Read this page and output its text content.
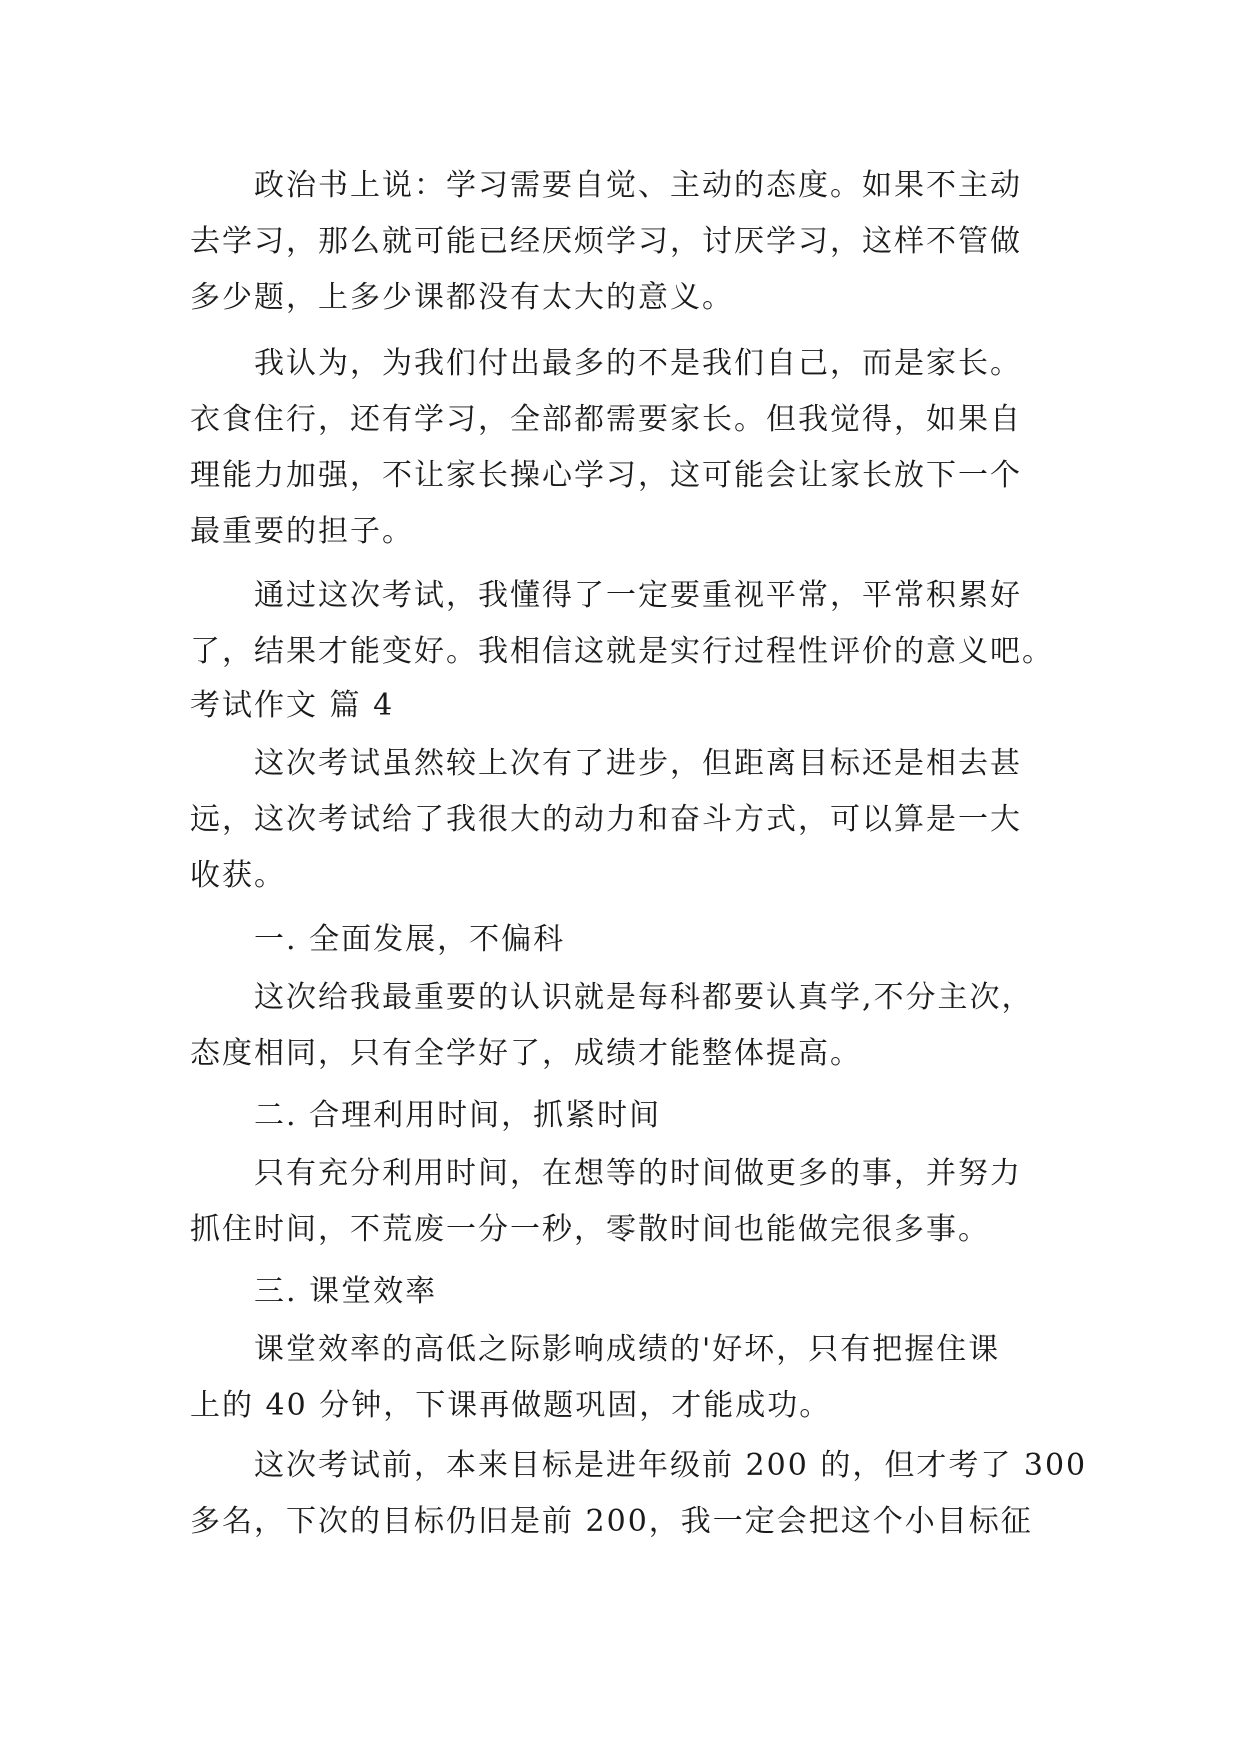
政治书上说：学习需要自觉、主动的态度。如果不主动
去学习，那么就可能已经厌烦学习，讨厌学习，这样不管做
多少题，上多少课都没有太大的意义。
我认为，为我们付出最多的不是我们自己，而是家长。
衣食住行，还有学习，全部都需要家长。但我觉得，如果自
理能力加强，不让家长操心学习，这可能会让家长放下一个
最重要的担子。
通过这次考试，我懂得了一定要重视平常，平常积累好
了，结果才能变好。我相信这就是实行过程性评价的意义吧。
考试作文 篇 4
这次考试虽然较上次有了进步，但距离目标还是相去甚
远，这次考试给了我很大的动力和奋斗方式，可以算是一大
收获。
一. 全面发展，不偏科
这次给我最重要的认识就是每科都要认真学,不分主次，
态度相同，只有全学好了，成绩才能整体提高。
二. 合理利用时间，抓紧时间
只有充分利用时间，在想等的时间做更多的事，并努力
抓住时间，不荒废一分一秒，零散时间也能做完很多事。
三. 课堂效率
课堂效率的高低之际影响成绩的'好坏，只有把握住课
上的 40 分钟，下课再做题巩固，才能成功。
这次考试前，本来目标是进年级前 200 的，但才考了 300
多名，下次的目标仍旧是前 200，我一定会把这个小目标征
